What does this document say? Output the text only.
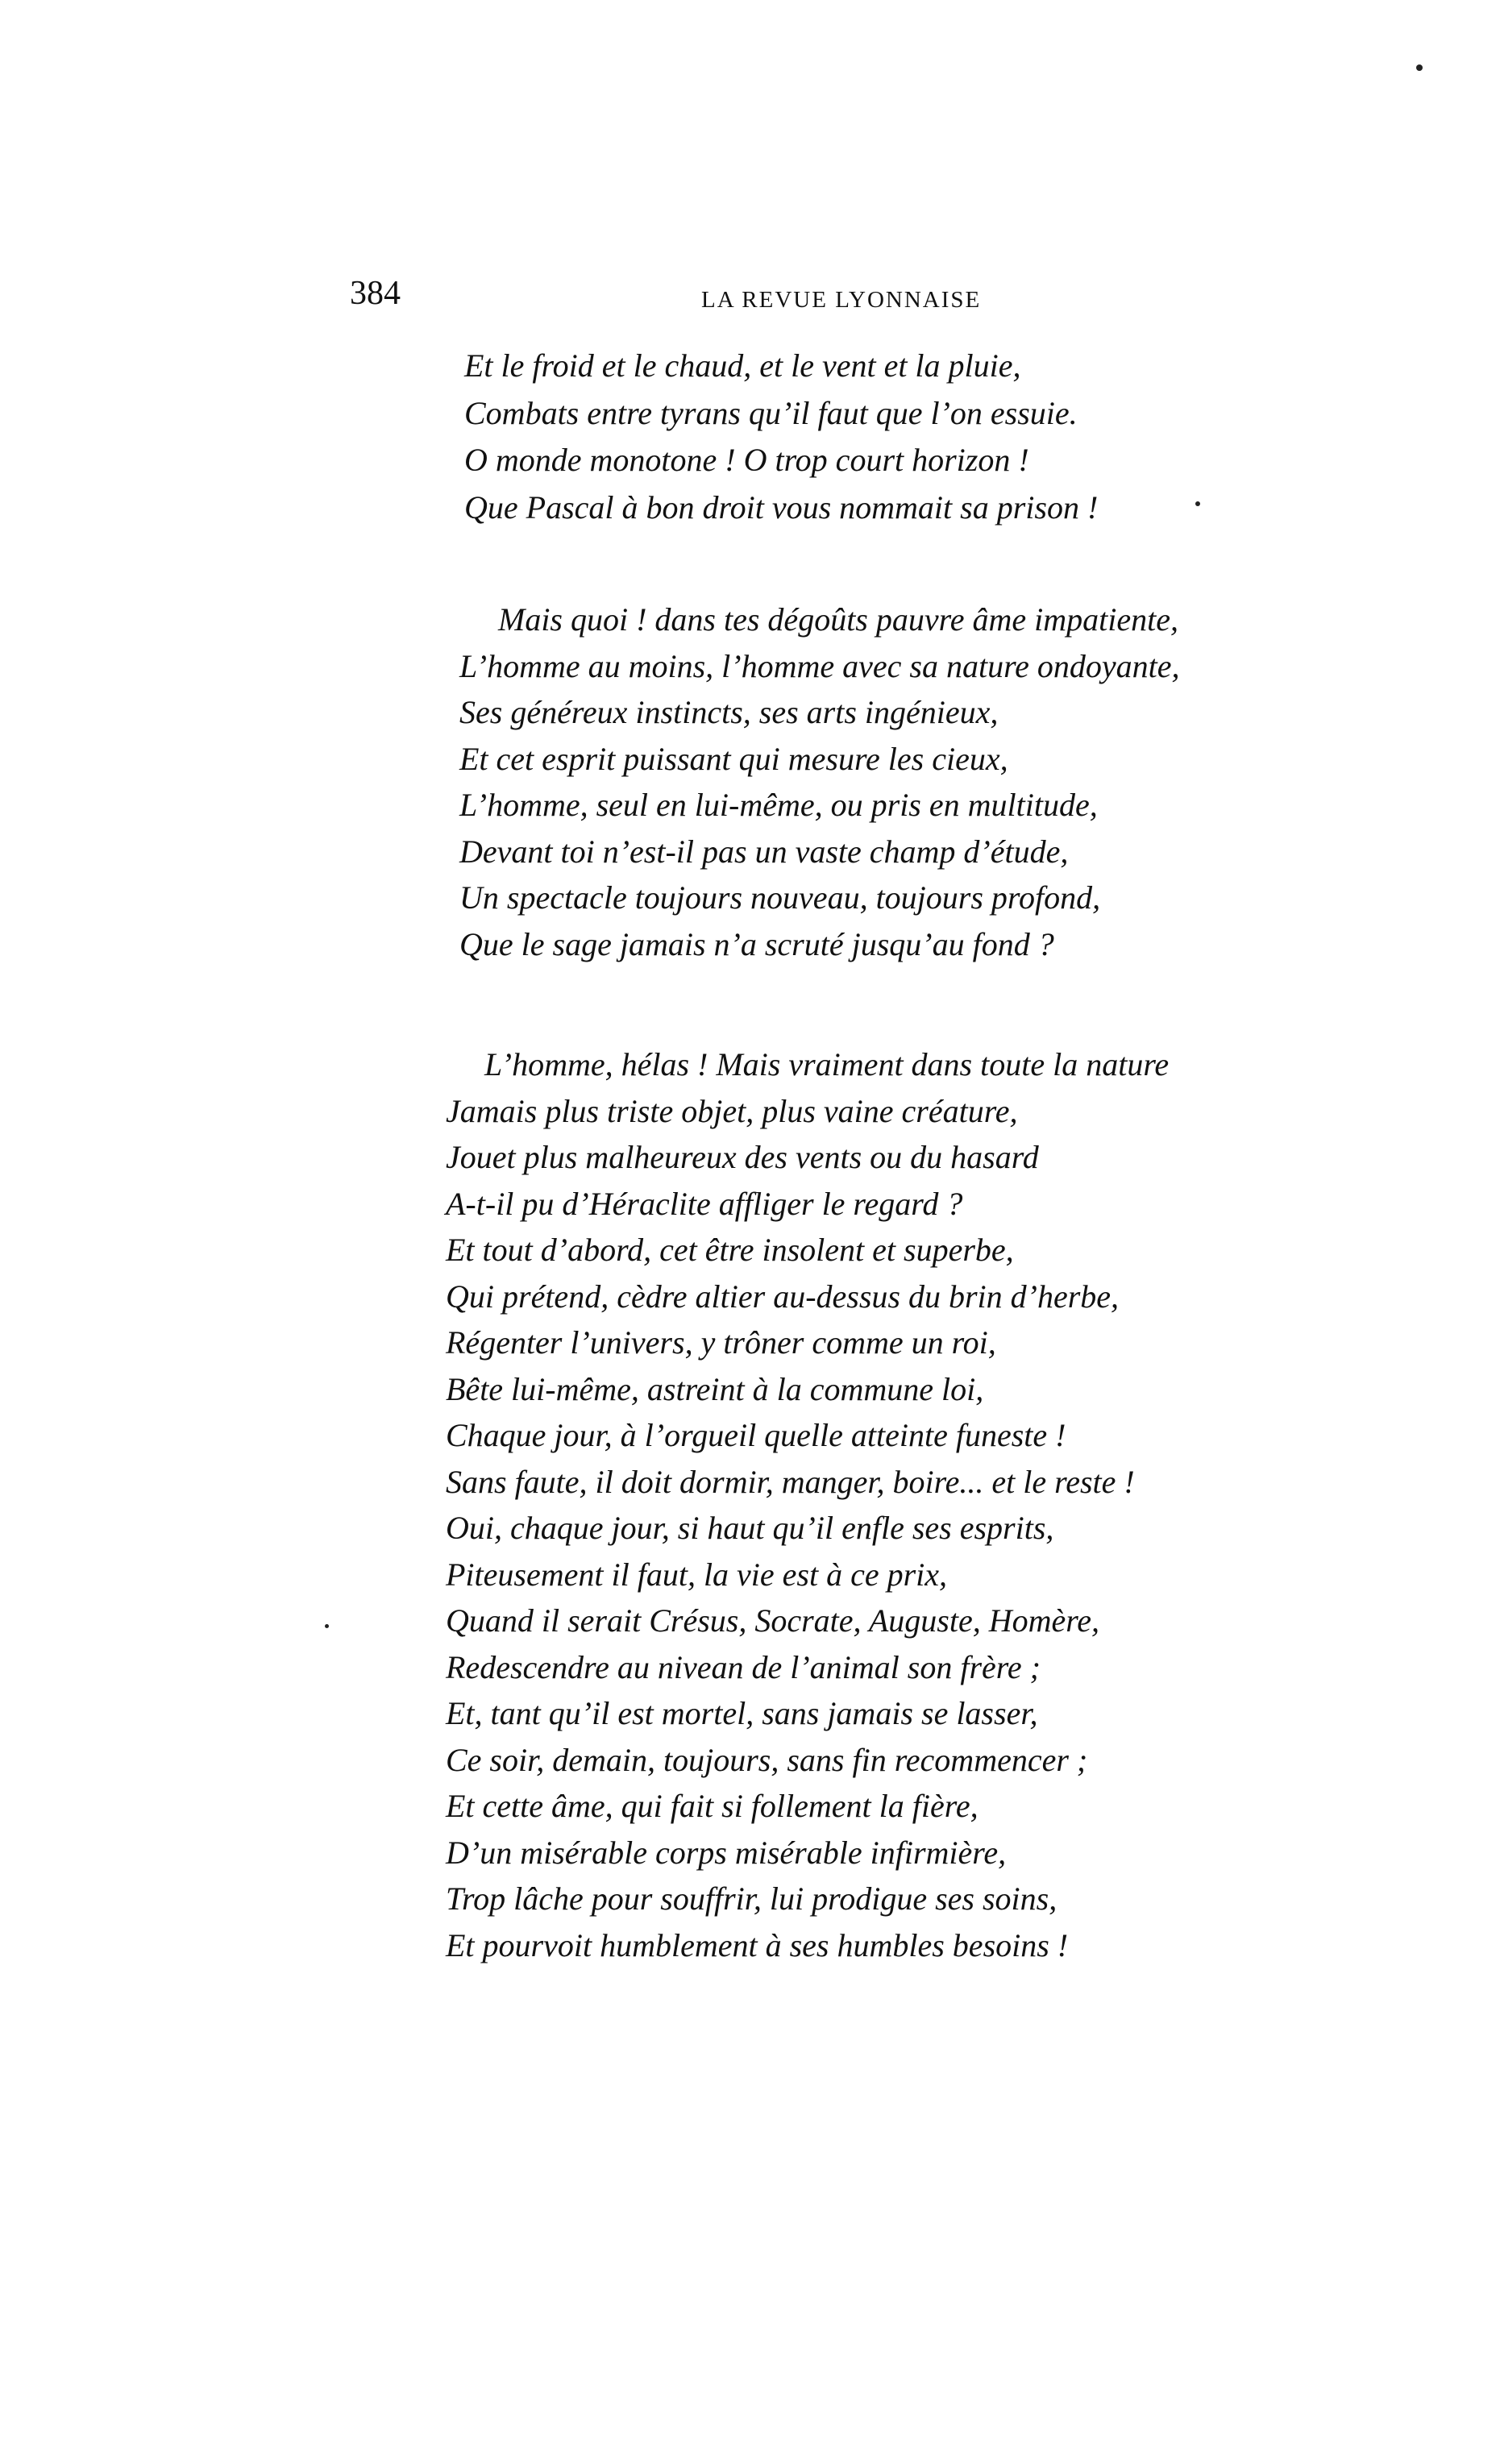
384	LA REVUE LYONNAISE
Et le froid et le chaud, et le vent et la pluie,
Combats entre tyrans qu’il faut que l’on essuie.
O monde monotone ! O trop court horizon !
Que Pascal à bon droit vous nommait sa prison !
Mais quoi ! dans tes dégoûts pauvre âme impatiente,
L’homme au moins, l’homme avec sa nature ondoyante,
Ses généreux instincts, ses arts ingénieux,
Et cet esprit puissant qui mesure les cieux,
L’homme, seul en lui-même, ou pris en multitude,
Devant toi n’est-il pas un vaste champ d’étude,
Un spectacle toujours nouveau, toujours profond,
Que le sage jamais n’a scruté jusqu’au fond ?
L’homme, hélas ! Mais vraiment dans toute la nature
Jamais plus triste objet, plus vaine créature,
Jouet plus malheureux des vents ou du hasard
A-t-il pu d’Héraclite affliger le regard ?
Et tout d’abord, cet être insolent et superbe,
Qui prétend, cèdre altier au-dessus du brin d’herbe,
Régenter l’univers, y trôner comme un roi,
Bête lui-même, astreint à la commune loi,
Chaque jour, à l’orgueil quelle atteinte funeste !
Sans faute, il doit dormir, manger, boire... et le reste !
Oui, chaque jour, si haut qu’il enfle ses esprits,
Piteusement il faut, la vie est à ce prix,
Quand il serait Crésus, Socrate, Auguste, Homère,
Redescendre au nivean de l’animal son frère ;
Et, tant qu’il est mortel, sans jamais se lasser,
Ce soir, demain, toujours, sans fin recommencer ;
Et cette âme, qui fait si follement la fière,
D’un misérable corps misérable infirmière,
Trop lâche pour souffrir, lui prodigue ses soins,
Et pourvoit humblement à ses humbles besoins !
